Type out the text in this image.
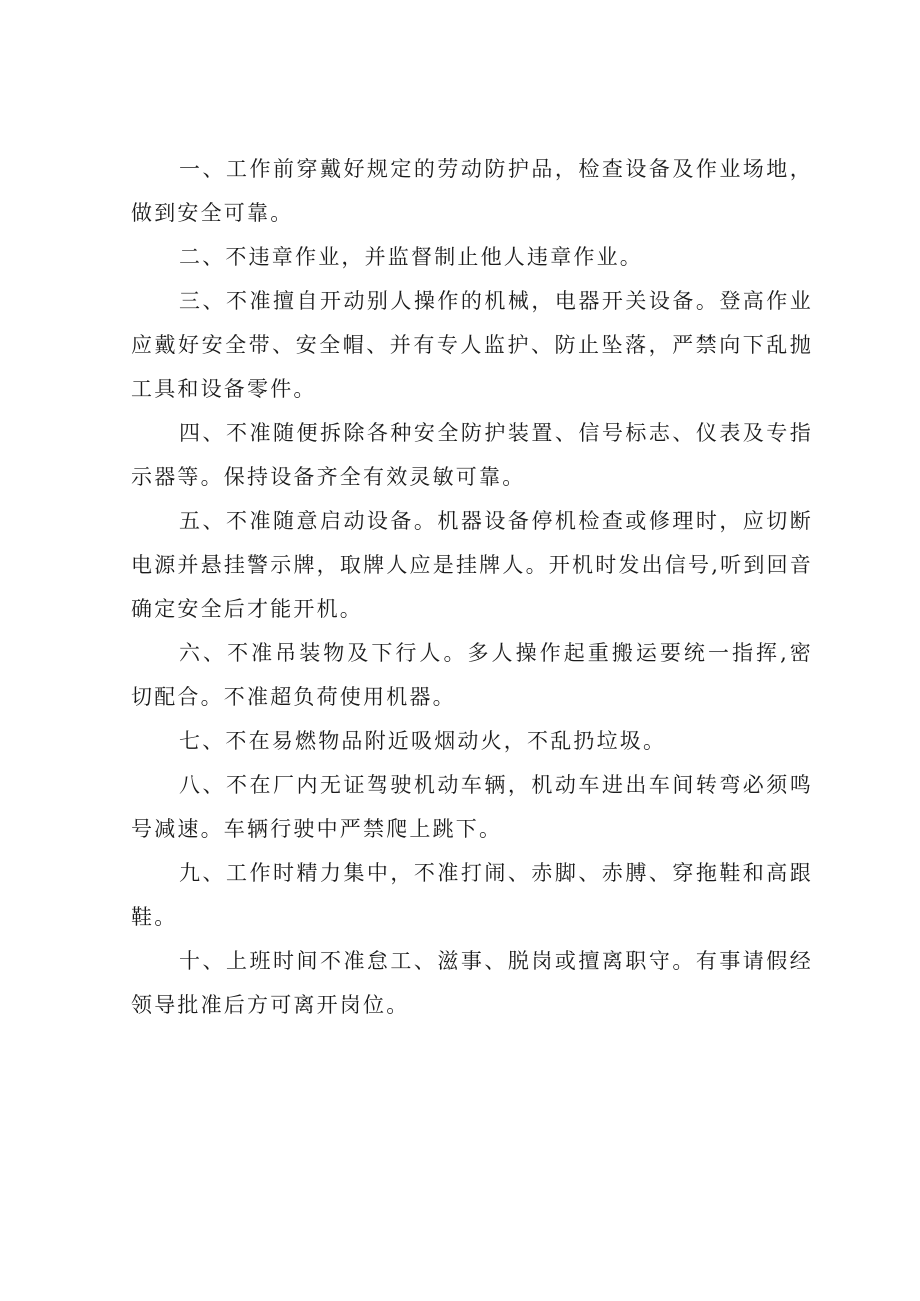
一、工作前穿戴好规定的劳动防护品，检查设备及作业场地，做到安全可靠。

二、不违章作业，并监督制止他人违章作业。

三、不准擅自开动别人操作的机械，电器开关设备。登高作业应戴好安全带、安全帽、并有专人监护、防止坠落，严禁向下乱抛工具和设备零件。

四、不准随便拆除各种安全防护装置、信号标志、仪表及专指示器等。保持设备齐全有效灵敏可靠。

五、不准随意启动设备。机器设备停机检查或修理时，应切断电源并悬挂警示牌，取牌人应是挂牌人。开机时发出信号,听到回音确定安全后才能开机。

六、不准吊装物及下行人。多人操作起重搬运要统一指挥,密切配合。不准超负荷使用机器。

七、不在易燃物品附近吸烟动火，不乱扔垃圾。

八、不在厂内无证驾驶机动车辆，机动车进出车间转弯必须鸣号减速。车辆行驶中严禁爬上跳下。

九、工作时精力集中，不准打闹、赤脚、赤膊、穿拖鞋和高跟鞋。

十、上班时间不准怠工、滋事、脱岗或擅离职守。有事请假经领导批准后方可离开岗位。
